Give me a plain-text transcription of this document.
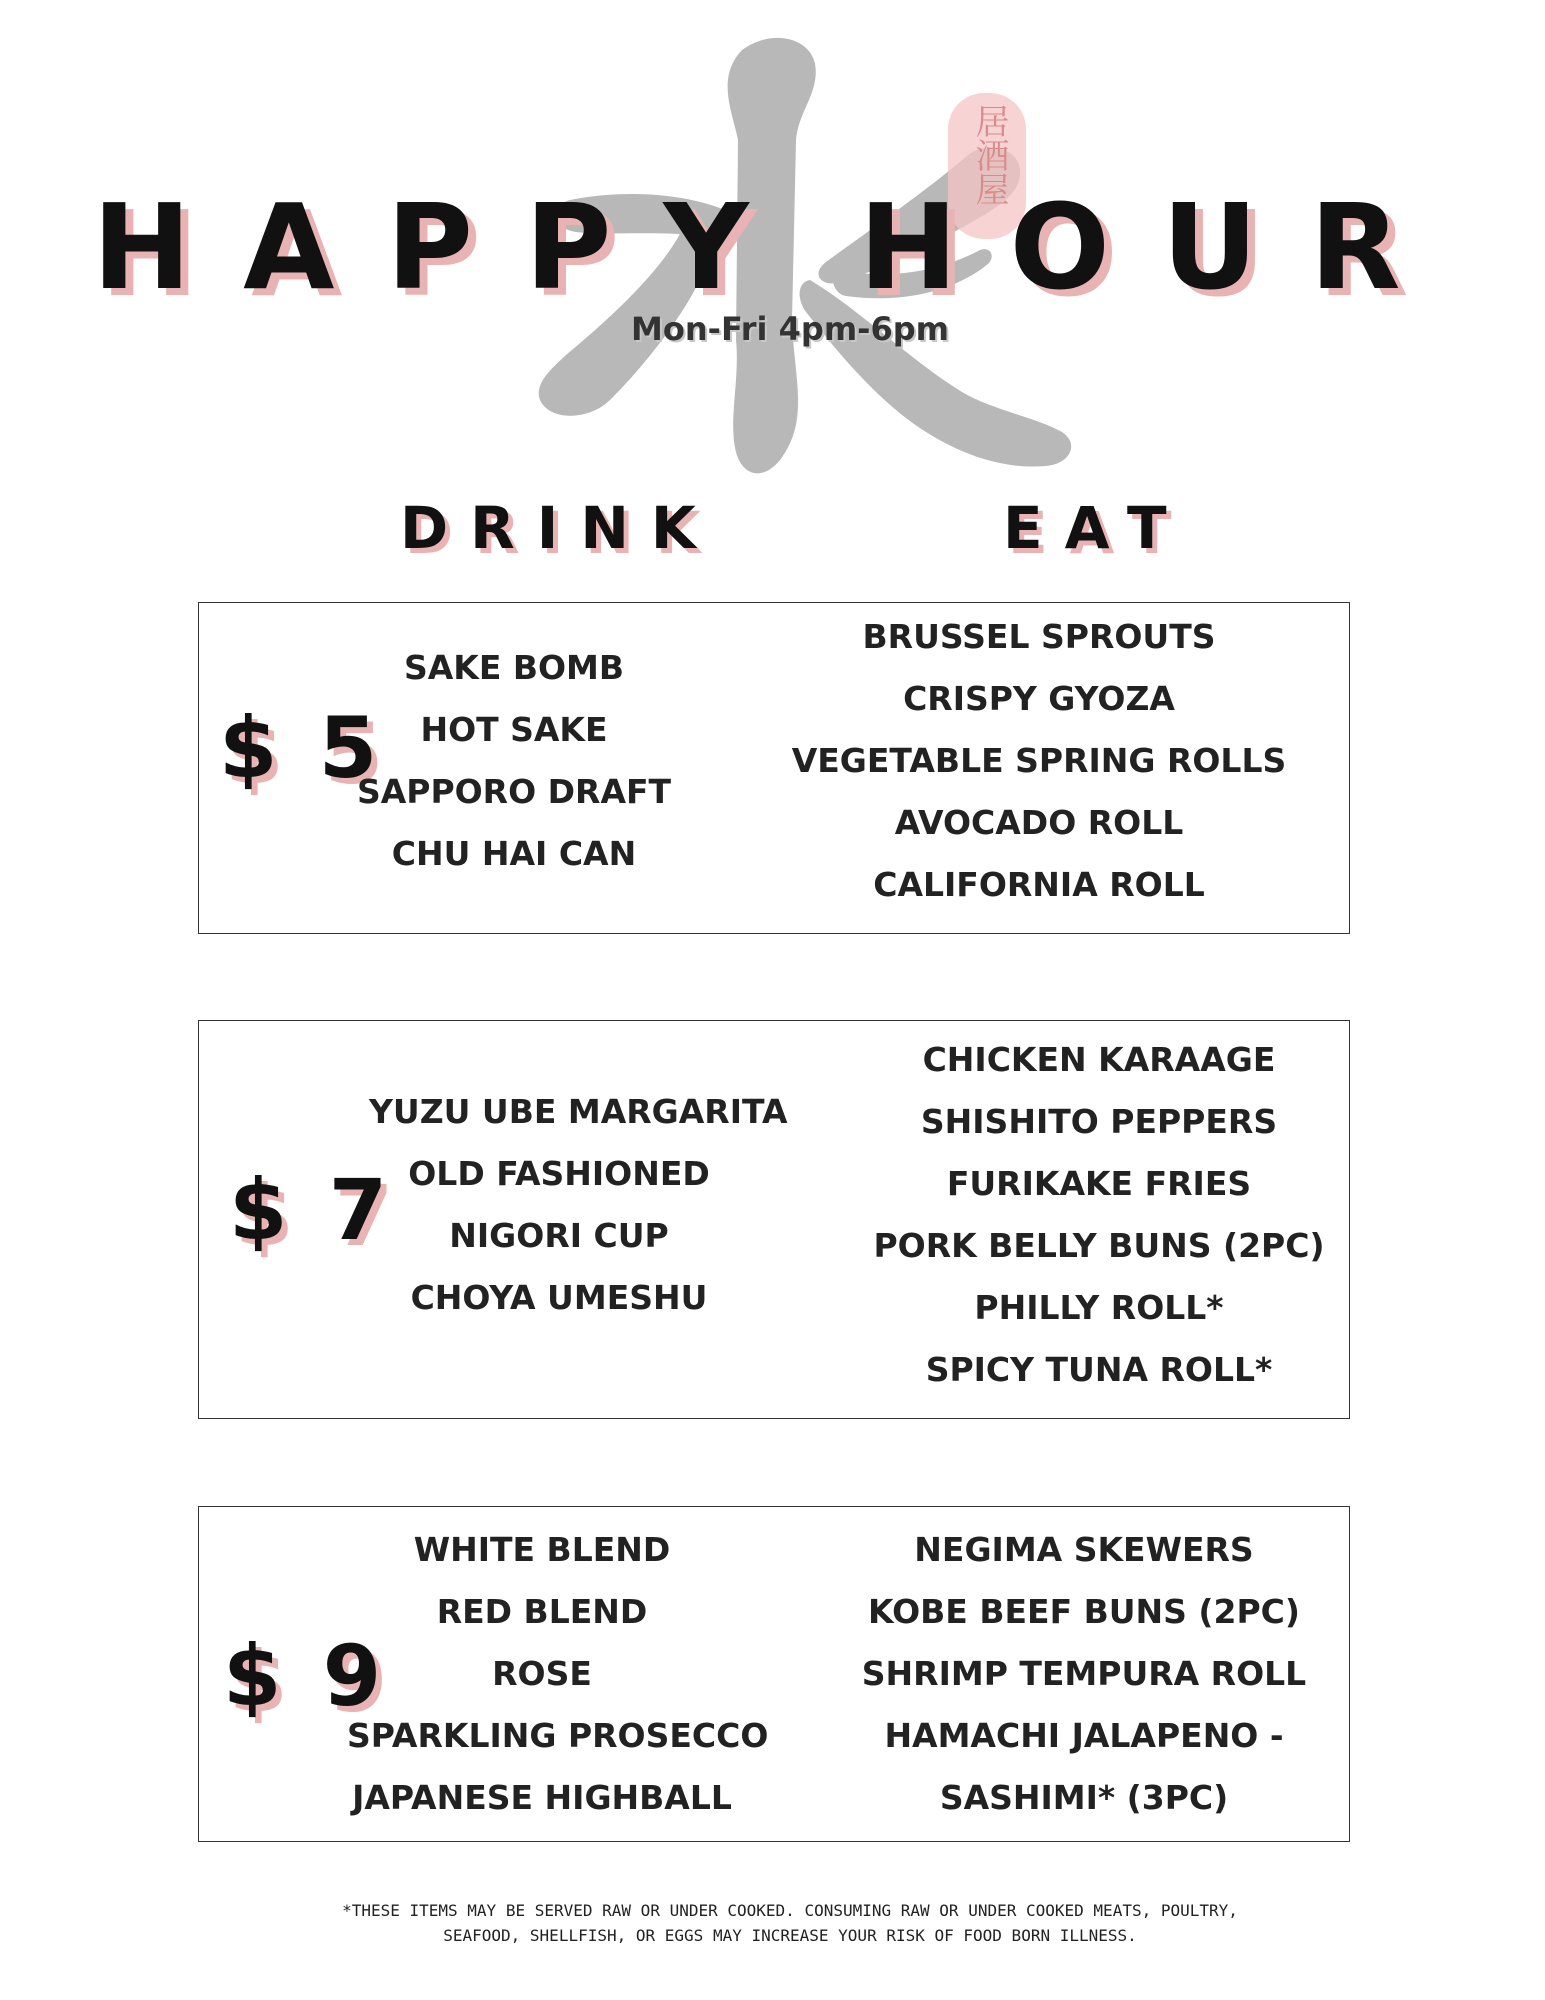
居酒屋
HAPPY HOUR
Mon-Fri 4pm-6pm
DRINK	EAT
$ 5
SAKE BOMB
HOT SAKE
SAPPORO DRAFT
CHU HAI CAN
BRUSSEL SPROUTS
CRISPY GYOZA
VEGETABLE SPRING ROLLS
AVOCADO ROLL
CALIFORNIA ROLL
$ 7
YUZU UBE MARGARITA
OLD FASHIONED
NIGORI CUP
CHOYA UMESHU
CHICKEN KARAAGE
SHISHITO PEPPERS
FURIKAKE FRIES
PORK BELLY BUNS (2PC)
PHILLY ROLL*
SPICY TUNA ROLL*
$ 9
WHITE BLEND
RED BLEND
ROSE
SPARKLING PROSECCO
JAPANESE HIGHBALL
NEGIMA SKEWERS
KOBE BEEF BUNS (2PC)
SHRIMP TEMPURA ROLL
HAMACHI JALAPENO -
SASHIMI* (3PC)
*THESE ITEMS MAY BE SERVED RAW OR UNDER COOKED. CONSUMING RAW OR UNDER COOKED MEATS, POULTRY,
SEAFOOD, SHELLFISH, OR EGGS MAY INCREASE YOUR RISK OF FOOD BORN ILLNESS.
